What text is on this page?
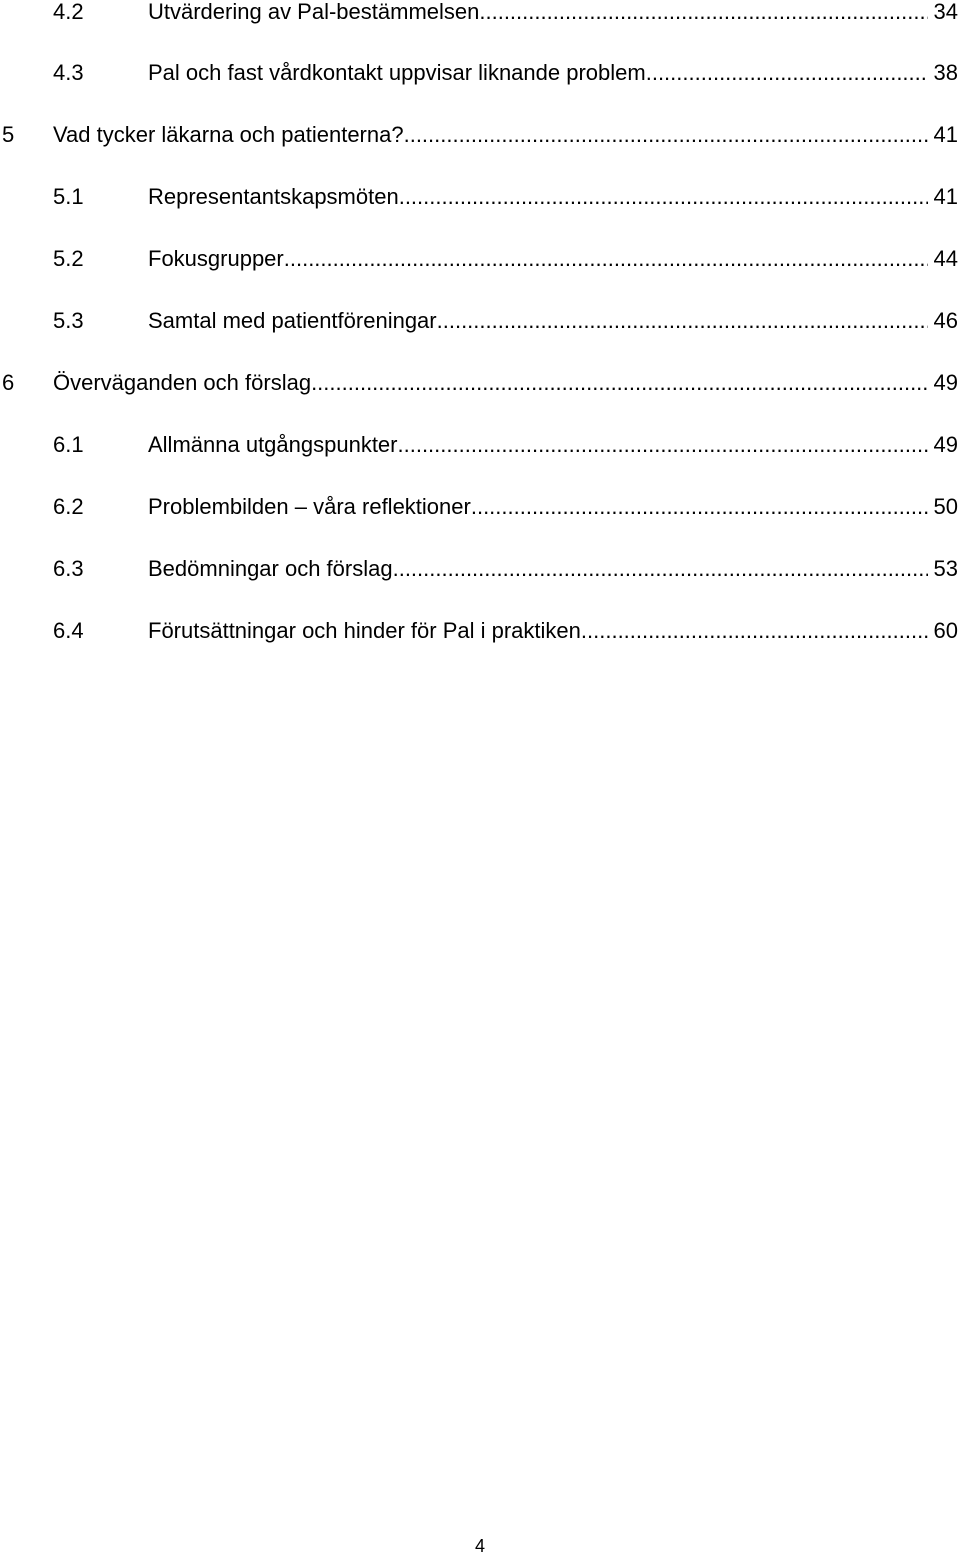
4.2	Utvärdering av Pal-bestämmelsen .....	34
4.3	Pal och fast vårdkontakt uppvisar liknande problem .....	38
5 Vad tycker läkarna och patienterna? .....	41
5.1	Representantskapsmöten .....	41
5.2	Fokusgrupper .....	44
5.3	Samtal med patientföreningar .....	46
6 Överväganden och förslag .....	49
6.1	Allmänna utgångspunkter .....	49
6.2	Problembilden – våra reflektioner .....	50
6.3	Bedömningar och förslag .....	53
6.4	Förutsättningar och hinder för Pal i praktiken .....	60
4
